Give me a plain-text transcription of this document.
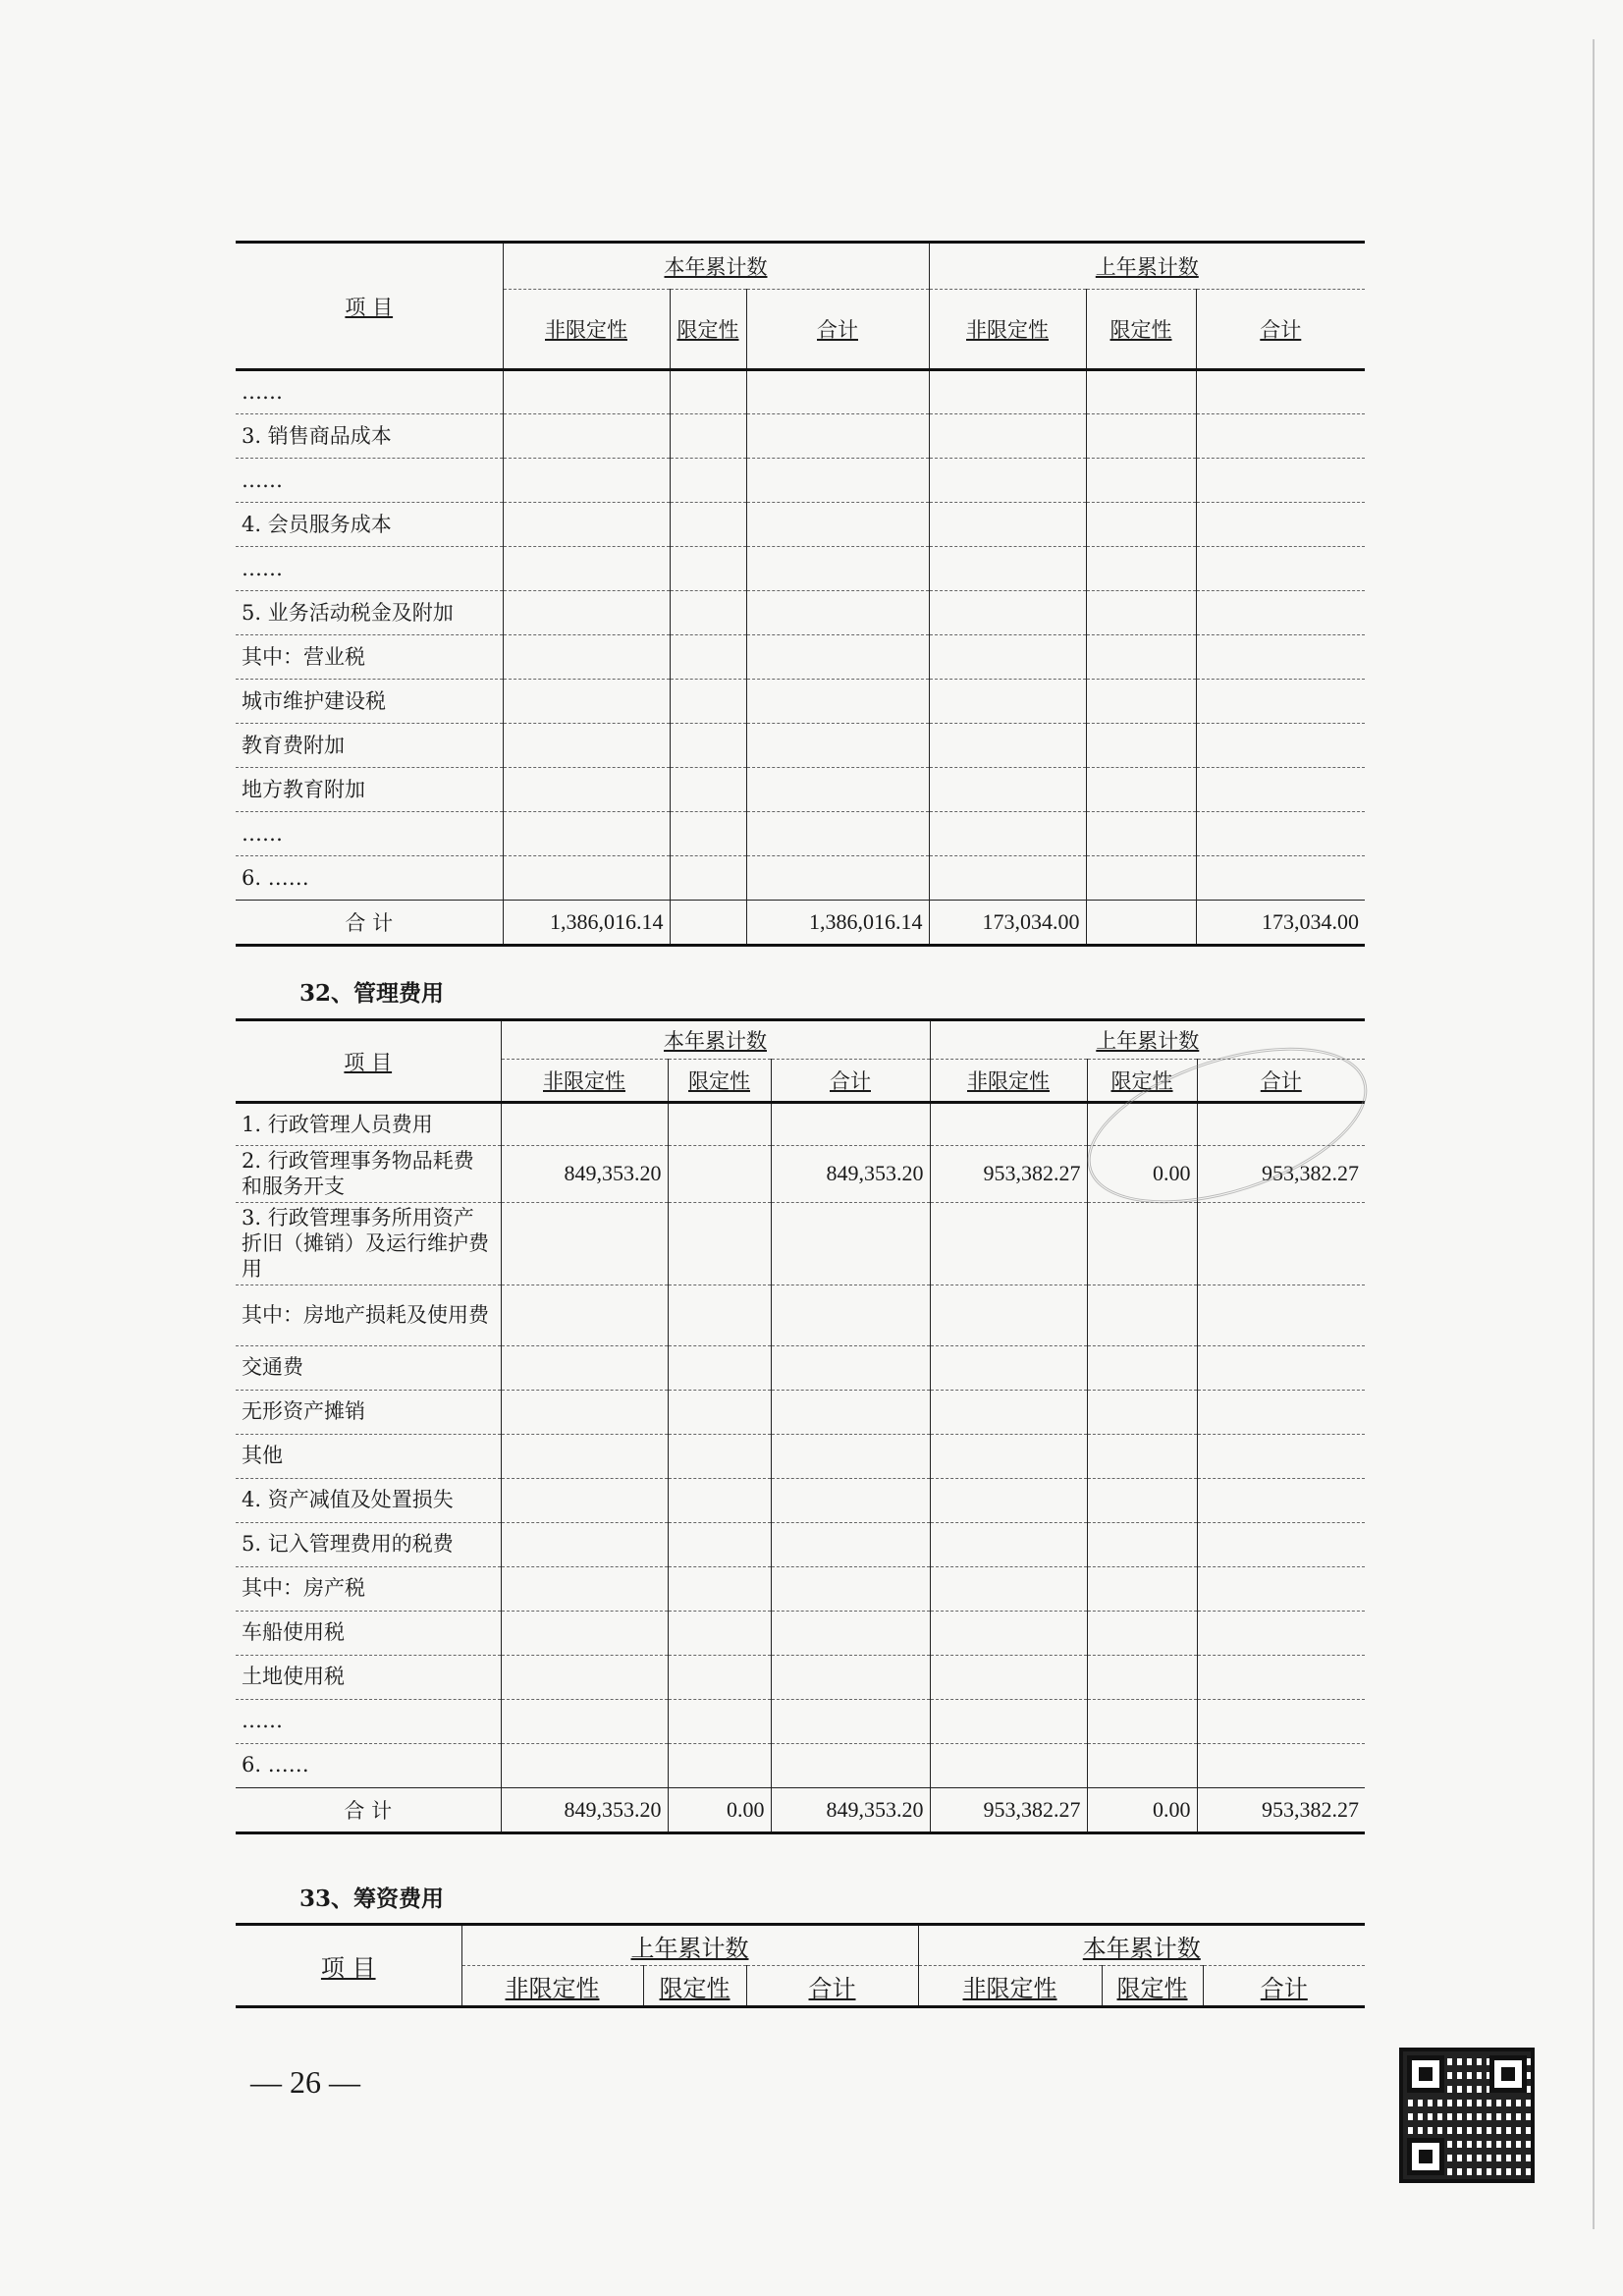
项 目	本年累计数			上年累计数		
	非限定性	限定性	合计	非限定性	限定性	合计
……						
3. 销售商品成本						
……						
4. 会员服务成本						
……						
5. 业务活动税金及附加						
其中：营业税						
城市维护建设税						
教育费附加						
地方教育附加						
……						
6. ……						
合 计	1,386,016.14		1,386,016.14	173,034.00		173,034.00
32、管理费用
项 目	本年累计数			上年累计数		
	非限定性	限定性	合计	非限定性	限定性	合计
1. 行政管理人员费用						
2. 行政管理事务物品耗费和服务开支	849,353.20		849,353.20	953,382.27	0.00	953,382.27
3. 行政管理事务所用资产折旧（摊销）及运行维护费用						
其中：房地产损耗及使用费						
交通费						
无形资产摊销						
其他						
4. 资产减值及处置损失						
5. 记入管理费用的税费						
其中：房产税						
车船使用税						
土地使用税						
……						
6. ……						
合 计	849,353.20	0.00	849,353.20	953,382.27	0.00	953,382.27
33、筹资费用
项 目	上年累计数			本年累计数		
	非限定性	限定性	合计	非限定性	限定性	合计
— 26 —
